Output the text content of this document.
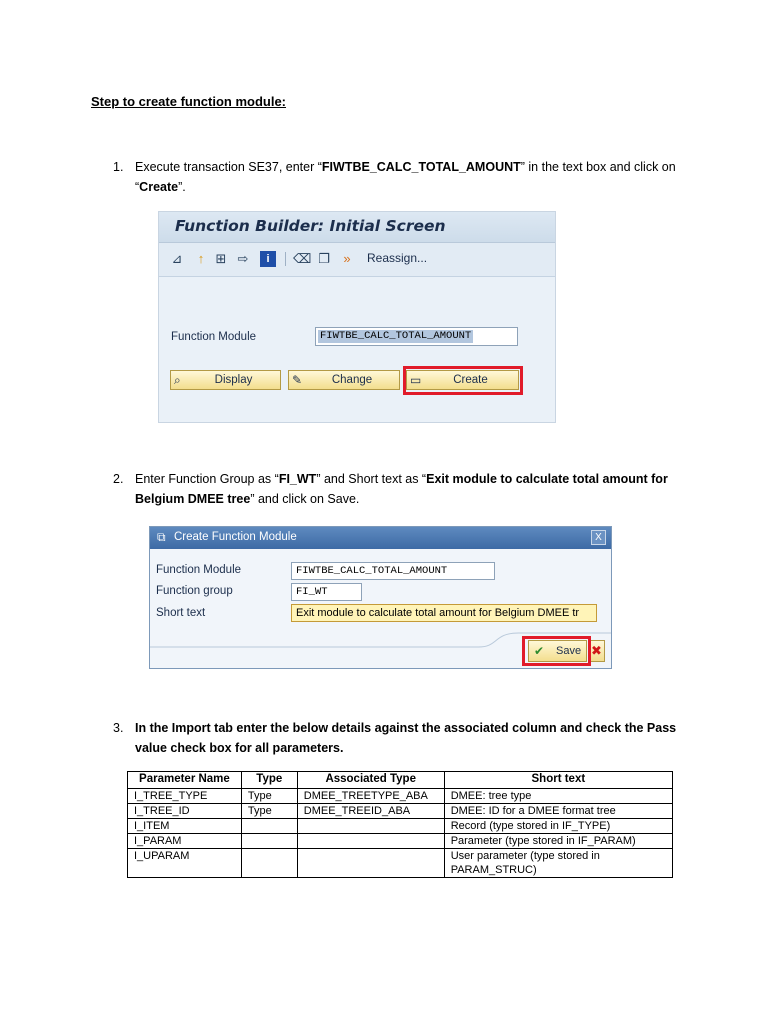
Step to create function module:
1. Execute transaction SE37, enter “FIWTBE_CALC_TOTAL_AMOUNT” in the text box and click on
“Create”.
Function Builder: Initial Screen
⊿	↑ ⊞ ⇨	i	⌫ ❐	»	Reassign...
Function Module	FIWTBE_CALC_TOTAL_AMOUNT
⌕	Display	✎	Change	▭	Create
2. Enter Function Group as “FI_WT” and Short text as “Exit module to calculate total amount for
Belgium DMEE tree” and click on Save.
⧉ Create Function Module	X
Function Module	FIWTBE_CALC_TOTAL_AMOUNT
Function group	FI_WT
Short text	Exit module to calculate total amount for Belgium DMEE tr
✔ Save ✖
3. In the Import tab enter the below details against the associated column and check the Pass
value check box for all parameters.
Parameter Name	Type	Associated Type	Short text
I_TREE_TYPE	Type	DMEE_TREETYPE_ABA	DMEE: tree type
I_TREE_ID	Type	DMEE_TREEID_ABA	DMEE: ID for a DMEE format tree
I_ITEM			Record (type stored in IF_TYPE)
I_PARAM			Parameter (type stored in IF_PARAM)
I_UPARAM			User parameter (type stored in PARAM_STRUC)
